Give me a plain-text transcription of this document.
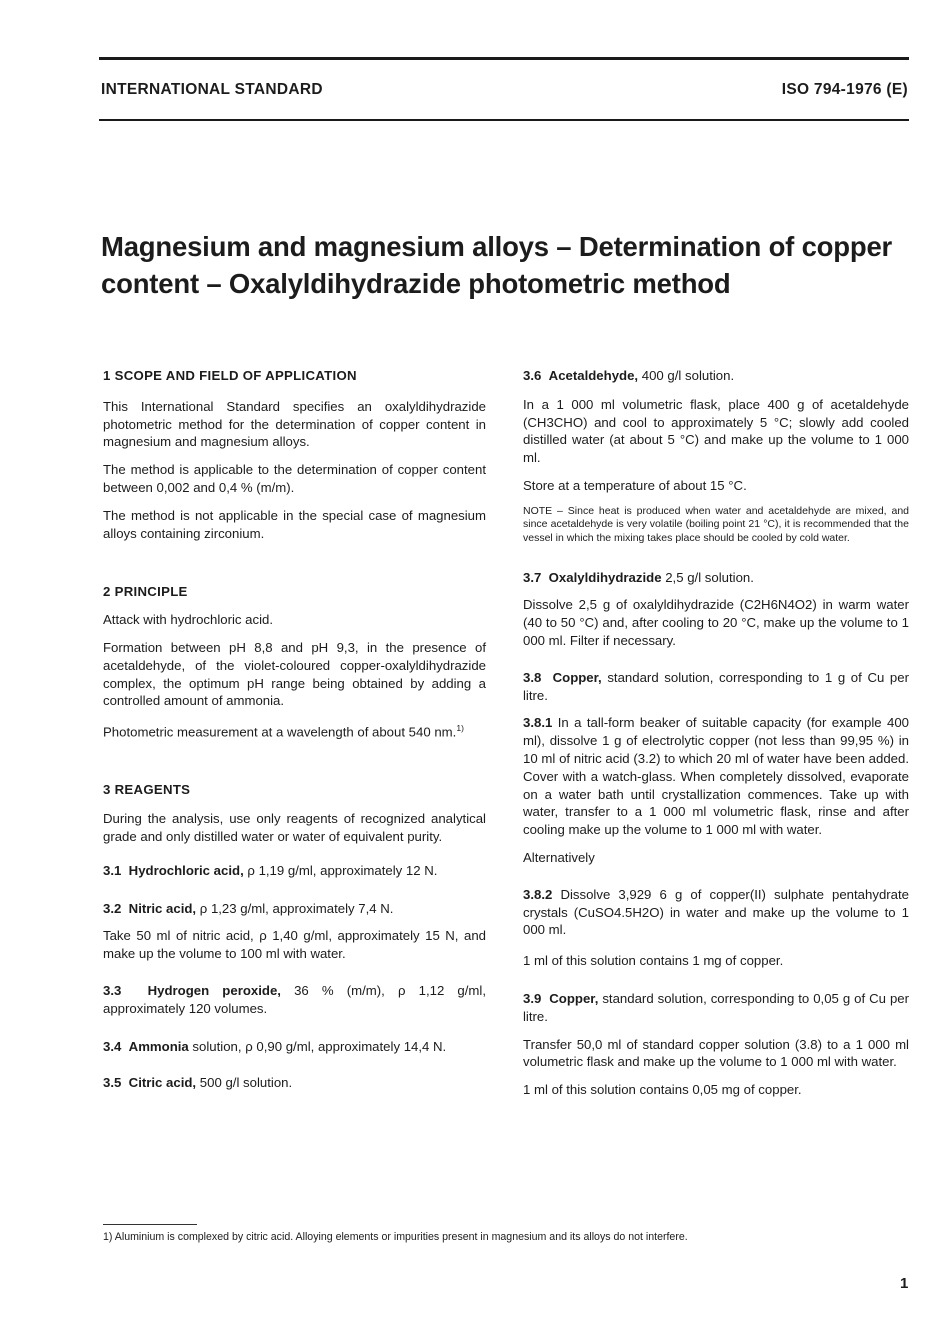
INTERNATIONAL STANDARD	ISO 794-1976 (E)
Magnesium and magnesium alloys – Determination of copper
content – Oxalyldihydrazide photometric method

1 SCOPE AND FIELD OF APPLICATION

This International Standard specifies an oxalyldihydrazide photometric method for the determination of copper content in magnesium and magnesium alloys.

The method is applicable to the determination of copper content between 0,002 and 0,4 % (m/m).

The method is not applicable in the special case of magnesium alloys containing zirconium.

2 PRINCIPLE

Attack with hydrochloric acid.

Formation between pH 8,8 and pH 9,3, in the presence of acetaldehyde, of the violet-coloured copper-oxalyldihydrazide complex, the optimum pH range being obtained by adding a controlled amount of ammonia.

Photometric measurement at a wavelength of about 540 nm.$^{1)}$

3 REAGENTS

During the analysis, use only reagents of recognized analytical grade and only distilled water or water of equivalent purity.

3.1 Hydrochloric acid, ρ 1,19 g/ml, approximately 12 N.

3.2 Nitric acid, ρ 1,23 g/ml, approximately 7,4 N.

Take 50 ml of nitric acid, ρ 1,40 g/ml, approximately 15 N, and make up the volume to 100 ml with water.

3.3 Hydrogen peroxide, 36 % (m/m), ρ 1,12 g/ml, approximately 120 volumes.

3.4 Ammonia solution, ρ 0,90 g/ml, approximately 14,4 N.

3.5 Citric acid, 500 g/l solution.

3.6 Acetaldehyde, 400 g/l solution.

In a 1 000 ml volumetric flask, place 400 g of acetaldehyde (CH3CHO) and cool to approximately 5 °C; slowly add cooled distilled water (at about 5 °C) and make up the volume to 1 000 ml.

Store at a temperature of about 15 °C.

NOTE – Since heat is produced when water and acetaldehyde are mixed, and since acetaldehyde is very volatile (boiling point 21 °C), it is recommended that the vessel in which the mixing takes place should be cooled by cold water.

3.7 Oxalyldihydrazide 2,5 g/l solution.

Dissolve 2,5 g of oxalyldihydrazide (C2H6N4O2) in warm water (40 to 50 °C) and, after cooling to 20 °C, make up the volume to 1 000 ml. Filter if necessary.

3.8 Copper, standard solution, corresponding to 1 g of Cu per litre.

3.8.1 In a tall-form beaker of suitable capacity (for example 400 ml), dissolve 1 g of electrolytic copper (not less than 99,95 %) in 10 ml of nitric acid (3.2) to which 20 ml of water have been added. Cover with a watch-glass. When completely dissolved, evaporate on a water bath until crystallization commences. Take up with water, transfer to a 1 000 ml volumetric flask, rinse and after cooling make up the volume to 1 000 ml with water.

Alternatively

3.8.2 Dissolve 3,929 6 g of copper(II) sulphate pentahydrate crystals (CuSO4.5H2O) in water and make up the volume to 1 000 ml.

1 ml of this solution contains 1 mg of copper.

3.9 Copper, standard solution, corresponding to 0,05 g of Cu per litre.

Transfer 50,0 ml of standard copper solution (3.8) to a 1 000 ml volumetric flask and make up the volume to 1 000 ml with water.

1 ml of this solution contains 0,05 mg of copper.

1) Aluminium is complexed by citric acid. Alloying elements or impurities present in magnesium and its alloys do not interfere.
1
